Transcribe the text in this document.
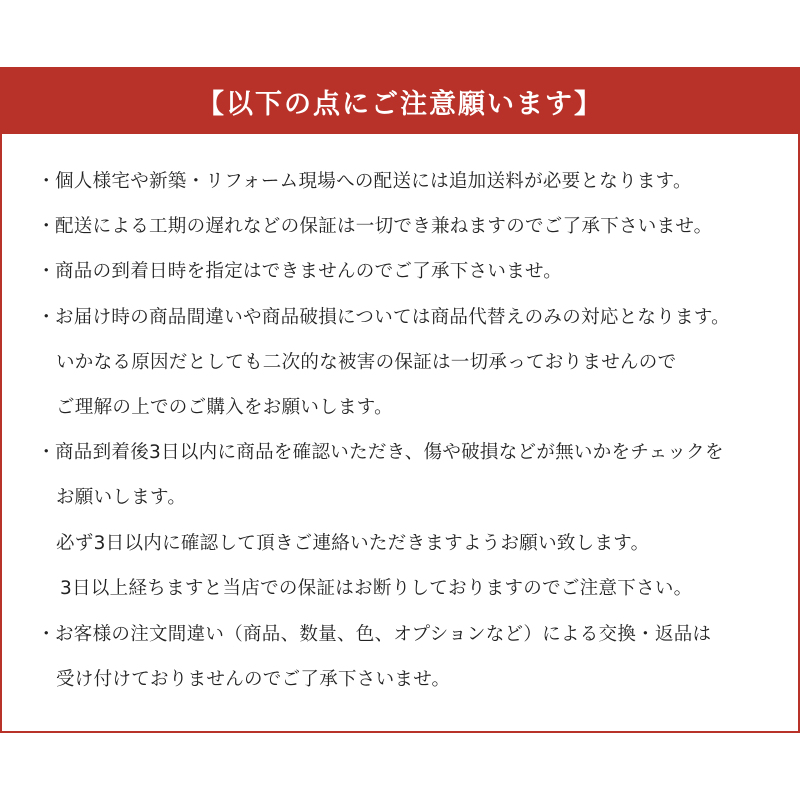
【以下の点にご注意願います】
・個人様宅や新築・リフォーム現場への配送には追加送料が必要となります。
・配送による工期の遅れなどの保証は一切でき兼ねますのでご了承下さいませ。
・商品の到着日時を指定はできませんのでご了承下さいませ。
・お届け時の商品間違いや商品破損については商品代替えのみの対応となります。
いかなる原因だとしても二次的な被害の保証は一切承っておりませんので
ご理解の上でのご購入をお願いします。
・商品到着後3日以内に商品を確認いただき、傷や破損などが無いかをチェックを
お願いします。
必ず3日以内に確認して頂きご連絡いただきますようお願い致します。
3日以上経ちますと当店での保証はお断りしておりますのでご注意下さい。
・お客様の注文間違い（商品、数量、色、オプションなど）による交換・返品は
受け付けておりませんのでご了承下さいませ。
